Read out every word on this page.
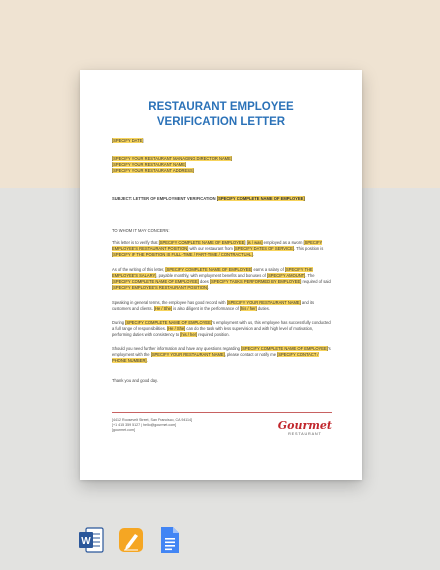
RESTAURANT EMPLOYEE
VERIFICATION LETTER
[SPECIFY DATE]
[SPECIFY YOUR RESTAURANT MANAGING DIRECTOR NAME]
[SPECIFY YOUR RESTAURANT NAME]
[SPECIFY YOUR RESTAURANT ADDRESS]
SUBJECT: LETTER OF EMPLOYMENT VERIFICATION [SPECIFY COMPLETE NAME OF EMPLOYEE]
TO WHOM IT MAY CONCERN:
This letter is to verify that [SPECIFY COMPLETE NAME OF EMPLOYEE] [is / was] employed as a sworn [SPECIFY EMPLOYEE'S RESTAURANT POSITION] with our restaurant from [SPECIFY DATES OF SERVICE]. This position is [SPECIFY IF THE POSITION IS FULL-TIME / PART-TIME / CONTRACTUAL].
As of the writing of this letter, [SPECIFY COMPLETE NAME OF EMPLOYEE] earns a salary of [SPECIFY THE EMPLOYEE'S SALARY], payable monthly, with employment benefits and bonuses of [SPECIFY AMOUNT]. The [SPECIFY COMPLETE NAME OF EMPLOYEE] does [SPECIFY TASKS PERFORMED BY EMPLOYEE] required of said [SPECIFY EMPLOYEE'S RESTAURANT POSITION].
Speaking in general terms, the employee has good record with [SPECIFY YOUR RESTAURANT NAME] and its customers and clients. [He / She] is also diligent in the performance of [his / her] duties.
During [SPECIFY COMPLETE NAME OF EMPLOYEE]'s employment with us, this employee has successfully conducted a full range of responsibilities. [He / She] can do the task with less supervision and with high level of motivation, performing duties with consistency to [his / her] required position.
Should you need further information and have any questions regarding [SPECIFY COMPLETE NAME OF EMPLOYEE]'s employment with the [SPECIFY YOUR RESTAURANT NAME], please contact or notify me [SPECIFY CONTACT / PHONE NUMBER].
Thank you and good day.
[4412 Roosevelt Street, San Francisco, CA 94114]
[+1 415 359 5127 | hello@gourmet.com]
[gourmet.com]	Gourmet
RESTAURANT
W
